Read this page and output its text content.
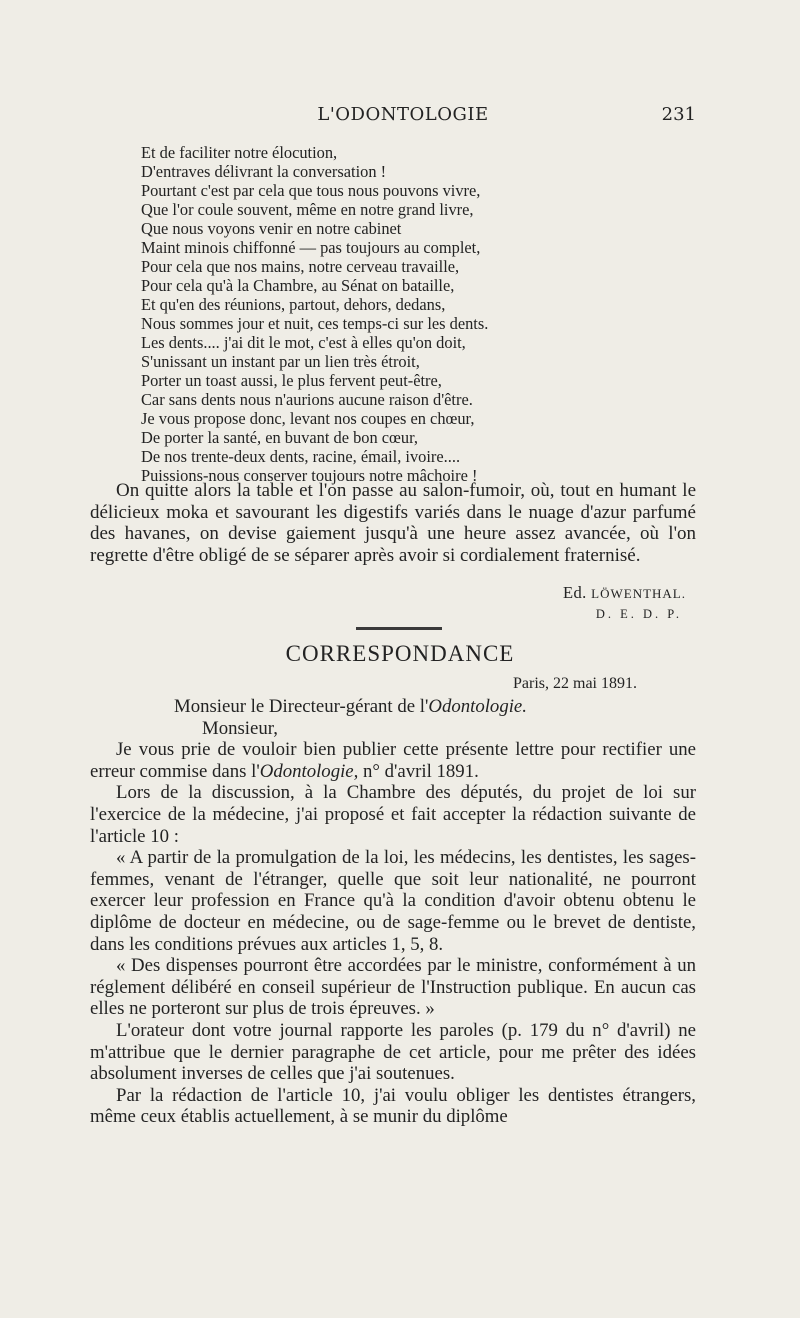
L'ODONTOLOGIE	231
Et de faciliter notre élocution,
D'entraves délivrant la conversation !
Pourtant c'est par cela que tous nous pouvons vivre,
Que l'or coule souvent, même en notre grand livre,
Que nous voyons venir en notre cabinet
Maint minois chiffonné — pas toujours au complet,
Pour cela que nos mains, notre cerveau travaille,
Pour cela qu'à la Chambre, au Sénat on bataille,
Et qu'en des réunions, partout, dehors, dedans,
Nous sommes jour et nuit, ces temps-ci sur les dents.
Les dents.... j'ai dit le mot, c'est à elles qu'on doit,
S'unissant un instant par un lien très étroit,
Porter un toast aussi, le plus fervent peut-être,
Car sans dents nous n'aurions aucune raison d'être.
Je vous propose donc, levant nos coupes en chœur,
De porter la santé, en buvant de bon cœur,
De nos trente-deux dents, racine, émail, ivoire....
Puissions-nous conserver toujours notre mâchoire !

On quitte alors la table et l'on passe au salon-fumoir, où, tout en humant le délicieux moka et savourant les digestifs variés dans le nuage d'azur parfumé des havanes, on devise gaiement jusqu'à une heure assez avancée, où l'on regrette d'être obligé de se séparer après avoir si cordialement fraternisé.

Ed. LÖWENTHAL.
D. E. D. P.
CORRESPONDANCE
Paris, 22 mai 1891.
Monsieur le Directeur-gérant de l'Odontologie.
Monsieur,

Je vous prie de vouloir bien publier cette présente lettre pour rectifier une erreur commise dans l'Odontologie, n° d'avril 1891.

Lors de la discussion, à la Chambre des députés, du projet de loi sur l'exercice de la médecine, j'ai proposé et fait accepter la rédaction suivante de l'article 10 :

« A partir de la promulgation de la loi, les médecins, les dentistes, les sages-femmes, venant de l'étranger, quelle que soit leur nationalité, ne pourront exercer leur profession en France qu'à la condition d'avoir obtenu obtenu le diplôme de docteur en médecine, ou de sage-femme ou le brevet de dentiste, dans les conditions prévues aux articles 1, 5, 8.

« Des dispenses pourront être accordées par le ministre, conformément à un réglement délibéré en conseil supérieur de l'Instruction publique. En aucun cas elles ne porteront sur plus de trois épreuves. »

L'orateur dont votre journal rapporte les paroles (p. 179 du n° d'avril) ne m'attribue que le dernier paragraphe de cet article, pour me prêter des idées absolument inverses de celles que j'ai soutenues.

Par la rédaction de l'article 10, j'ai voulu obliger les dentistes étrangers, même ceux établis actuellement, à se munir du diplôme
